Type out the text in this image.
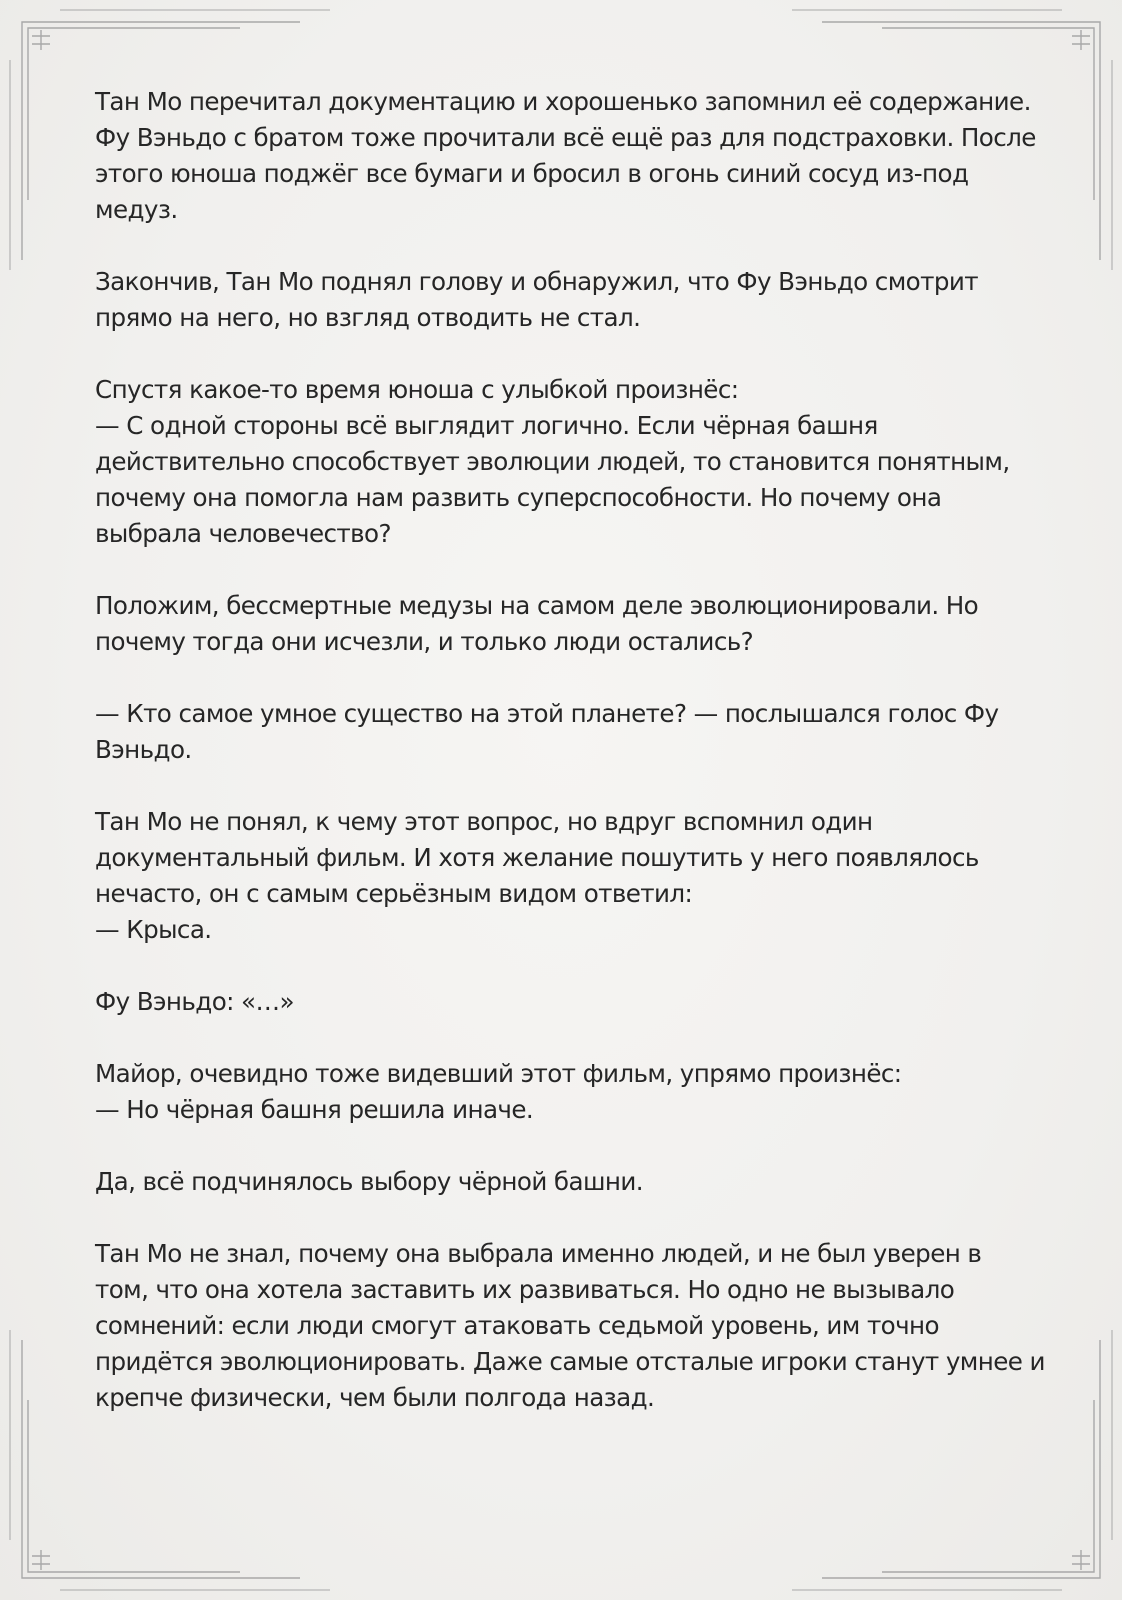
Тан Мо перечитал документацию и хорошенько запомнил её содержание.
Фу Вэньдо с братом тоже прочитали всё ещё раз для подстраховки. После
этого юноша поджёг все бумаги и бросил в огонь синий сосуд из-под
медуз.

Закончив, Тан Мо поднял голову и обнаружил, что Фу Вэньдо смотрит
прямо на него, но взгляд отводить не стал.

Спустя какое-то время юноша с улыбкой произнёс:
— С одной стороны всё выглядит логично. Если чёрная башня
действительно способствует эволюции людей, то становится понятным,
почему она помогла нам развить суперспособности. Но почему она
выбрала человечество?

Положим, бессмертные медузы на самом деле эволюционировали. Но
почему тогда они исчезли, и только люди остались?

— Кто самое умное существо на этой планете? — послышался голос Фу
Вэньдо.

Тан Мо не понял, к чему этот вопрос, но вдруг вспомнил один
документальный фильм. И хотя желание пошутить у него появлялось
нечасто, он с самым серьёзным видом ответил:
— Крыса.

Фу Вэньдо: «…»

Майор, очевидно тоже видевший этот фильм, упрямо произнёс:
— Но чёрная башня решила иначе.

Да, всё подчинялось выбору чёрной башни.

Тан Мо не знал, почему она выбрала именно людей, и не был уверен в
том, что она хотела заставить их развиваться. Но одно не вызывало
сомнений: если люди смогут атаковать седьмой уровень, им точно
придётся эволюционировать. Даже самые отсталые игроки станут умнее и
крепче физически, чем были полгода назад.
